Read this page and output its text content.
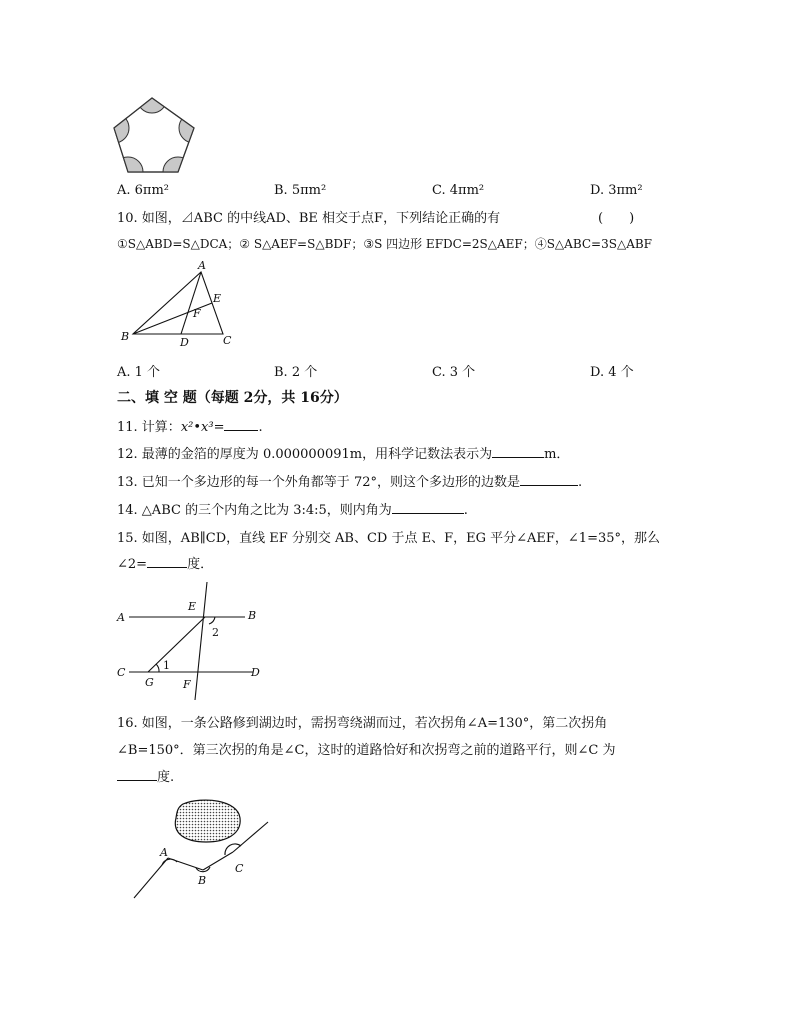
A. 6πm²	B. 5πm²	C. 4πm²	D. 3πm²
10. 如图，⊿ABC 的中线AD、BE 相交于点F，下列结论正确的有	(　　)
①S△ABD=S△DCA；② S△AEF=S△BDF；③S 四边形 EFDC=2S△AEF；④S△ABC=3S△ABF
A
B	C
D
E
F
A. 1 个	B. 2 个	C. 3 个	D. 4 个
二、填 空 题（每题 2分，共 16分）
11. 计算：x²•x³=	.
12. 最薄的金箔的厚度为 0.000000091m，用科学记数法表示为	m．
13. 已知一个多边形的每一个外角都等于 72°，则这个多边形的边数是	.
14. △ABC 的三个内角之比为 3:4:5，则内角为	.
15. 如图，AB∥CD，直线 EF 分别交 AB、CD 于点 E、F，EG 平分∠AEF，∠1=35°，那么
∠2=	度．
A	B
C	D
E
F
G
1
2
16. 如图，一条公路修到湖边时，需拐弯绕湖而过，若次拐角∠A=130°，第二次拐角
∠B=150°．第三次拐的角是∠C，这时的道路恰好和次拐弯之前的道路平行，则∠C 为
度.
A
B
C
